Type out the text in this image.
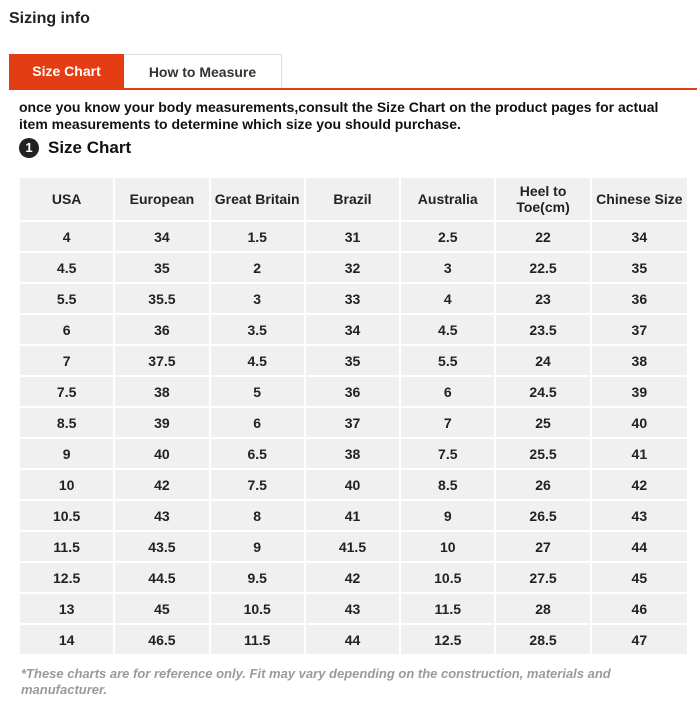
Sizing info
Size Chart	How to Measure
once you know your body measurements,consult the Size Chart on the product pages for actual item measurements to determine which size you should purchase.
1 Size Chart
USA	European	Great Britain	Brazil	Australia	Heel to Toe(cm)	Chinese Size
4	34	1.5	31	2.5	22	34
4.5	35	2	32	3	22.5	35
5.5	35.5	3	33	4	23	36
6	36	3.5	34	4.5	23.5	37
7	37.5	4.5	35	5.5	24	38
7.5	38	5	36	6	24.5	39
8.5	39	6	37	7	25	40
9	40	6.5	38	7.5	25.5	41
10	42	7.5	40	8.5	26	42
10.5	43	8	41	9	26.5	43
11.5	43.5	9	41.5	10	27	44
12.5	44.5	9.5	42	10.5	27.5	45
13	45	10.5	43	11.5	28	46
14	46.5	11.5	44	12.5	28.5	47
*These charts are for reference only. Fit may vary depending on the construction, materials and manufacturer.
